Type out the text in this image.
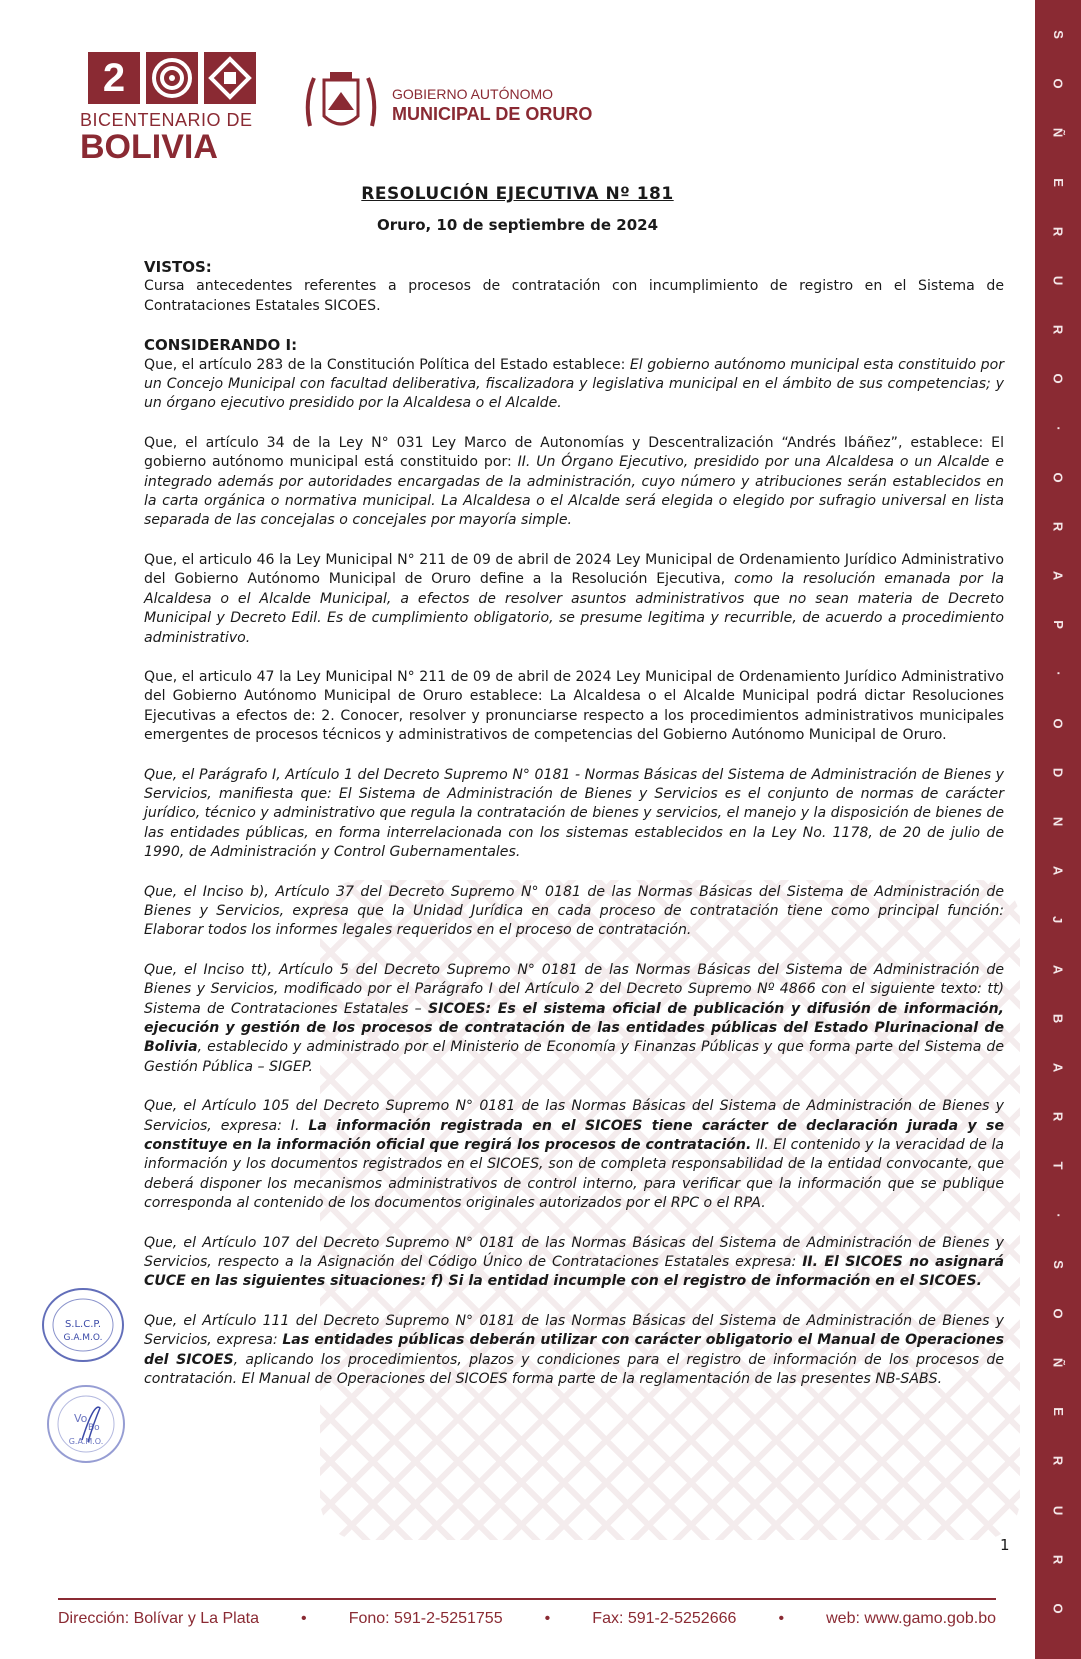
S
O
Ñ
E
R
U
R
O
·
O
R
A
P
·
O
D
N
A
J
A
B
A
R
T
·
S
O
Ñ
E
R
U
R
O
2
BICENTENARIO DE
BOLIVIA
GOBIERNO AUTÓNOMO
MUNICIPAL DE ORURO
RESOLUCIÓN EJECUTIVA Nº 181
Oruro, 10 de septiembre de 2024

VISTOS:

Cursa antecedentes referentes a procesos de contratación con incumplimiento de registro en el Sistema de Contrataciones Estatales SICOES.

CONSIDERANDO I:

Que, el artículo 283 de la Constitución Política del Estado establece: El gobierno autónomo municipal esta constituido por un Concejo Municipal con facultad deliberativa, fiscalizadora y legislativa municipal en el ámbito de sus competencias; y un órgano ejecutivo presidido por la Alcaldesa o el Alcalde.

Que, el artículo 34 de la Ley N° 031 Ley Marco de Autonomías y Descentralización “Andrés Ibáñez”, establece: El gobierno autónomo municipal está constituido por: II. Un Órgano Ejecutivo, presidido por una Alcaldesa o un Alcalde e integrado además por autoridades encargadas de la administración, cuyo número y atribuciones serán establecidos en la carta orgánica o normativa municipal. La Alcaldesa o el Alcalde será elegida o elegido por sufragio universal en lista separada de las concejalas o concejales por mayoría simple.

Que, el articulo 46 la Ley Municipal N° 211 de 09 de abril de 2024 Ley Municipal de Ordenamiento Jurídico Administrativo del Gobierno Autónomo Municipal de Oruro define a la Resolución Ejecutiva, como la resolución emanada por la Alcaldesa o el Alcalde Municipal, a efectos de resolver asuntos administrativos que no sean materia de Decreto Municipal y Decreto Edil. Es de cumplimiento obligatorio, se presume legitima y recurrible, de acuerdo a procedimiento administrativo.

Que, el articulo 47 la Ley Municipal N° 211 de 09 de abril de 2024 Ley Municipal de Ordenamiento Jurídico Administrativo del Gobierno Autónomo Municipal de Oruro establece: La Alcaldesa o el Alcalde Municipal podrá dictar Resoluciones Ejecutivas a efectos de: 2. Conocer, resolver y pronunciarse respecto a los procedimientos administrativos municipales emergentes de procesos técnicos y administrativos de competencias del Gobierno Autónomo Municipal de Oruro.

Que, el Parágrafo I, Artículo 1 del Decreto Supremo N° 0181 - Normas Básicas del Sistema de Administración de Bienes y Servicios, manifiesta que: El Sistema de Administración de Bienes y Servicios es el conjunto de normas de carácter jurídico, técnico y administrativo que regula la contratación de bienes y servicios, el manejo y la disposición de bienes de las entidades públicas, en forma interrelacionada con los sistemas establecidos en la Ley No. 1178, de 20 de julio de 1990, de Administración y Control Gubernamentales.

Que, el Inciso b), Artículo 37 del Decreto Supremo N° 0181 de las Normas Básicas del Sistema de Administración de Bienes y Servicios, expresa que la Unidad Jurídica en cada proceso de contratación tiene como principal función: Elaborar todos los informes legales requeridos en el proceso de contratación.

Que, el Inciso tt), Artículo 5 del Decreto Supremo N° 0181 de las Normas Básicas del Sistema de Administración de Bienes y Servicios, modificado por el Parágrafo I del Artículo 2 del Decreto Supremo Nº 4866 con el siguiente texto: tt) Sistema de Contrataciones Estatales – SICOES: Es el sistema oficial de publicación y difusión de información, ejecución y gestión de los procesos de contratación de las entidades públicas del Estado Plurinacional de Bolivia, establecido y administrado por el Ministerio de Economía y Finanzas Públicas y que forma parte del Sistema de Gestión Pública – SIGEP.

Que, el Artículo 105 del Decreto Supremo N° 0181 de las Normas Básicas del Sistema de Administración de Bienes y Servicios, expresa: I. La información registrada en el SICOES tiene carácter de declaración jurada y se constituye en la información oficial que regirá los procesos de contratación. II. El contenido y la veracidad de la información y los documentos registrados en el SICOES, son de completa responsabilidad de la entidad convocante, que deberá disponer los mecanismos administrativos de control interno, para verificar que la información que se publique corresponda al contenido de los documentos originales autorizados por el RPC o el RPA.

Que, el Artículo 107 del Decreto Supremo N° 0181 de las Normas Básicas del Sistema de Administración de Bienes y Servicios, respecto a la Asignación del Código Único de Contrataciones Estatales expresa: II. El SICOES no asignará CUCE en las siguientes situaciones: f) Si la entidad incumple con el registro de información en el SICOES.

Que, el Artículo 111 del Decreto Supremo N° 0181 de las Normas Básicas del Sistema de Administración de Bienes y Servicios, expresa: Las entidades públicas deberán utilizar con carácter obligatorio el Manual de Operaciones del SICOES, aplicando los procedimientos, plazos y condiciones para el registro de información de los procesos de contratación. El Manual de Operaciones del SICOES forma parte de la reglamentación de las presentes NB-SABS.

S.L.C.P.
G.A.M.O.
Vo
Bo
G.A.M.O.
1
Dirección: Bolívar y La Plata	•	Fono: 591-2-5251755	•	Fax: 591-2-5252666	•	web: www.gamo.gob.bo
